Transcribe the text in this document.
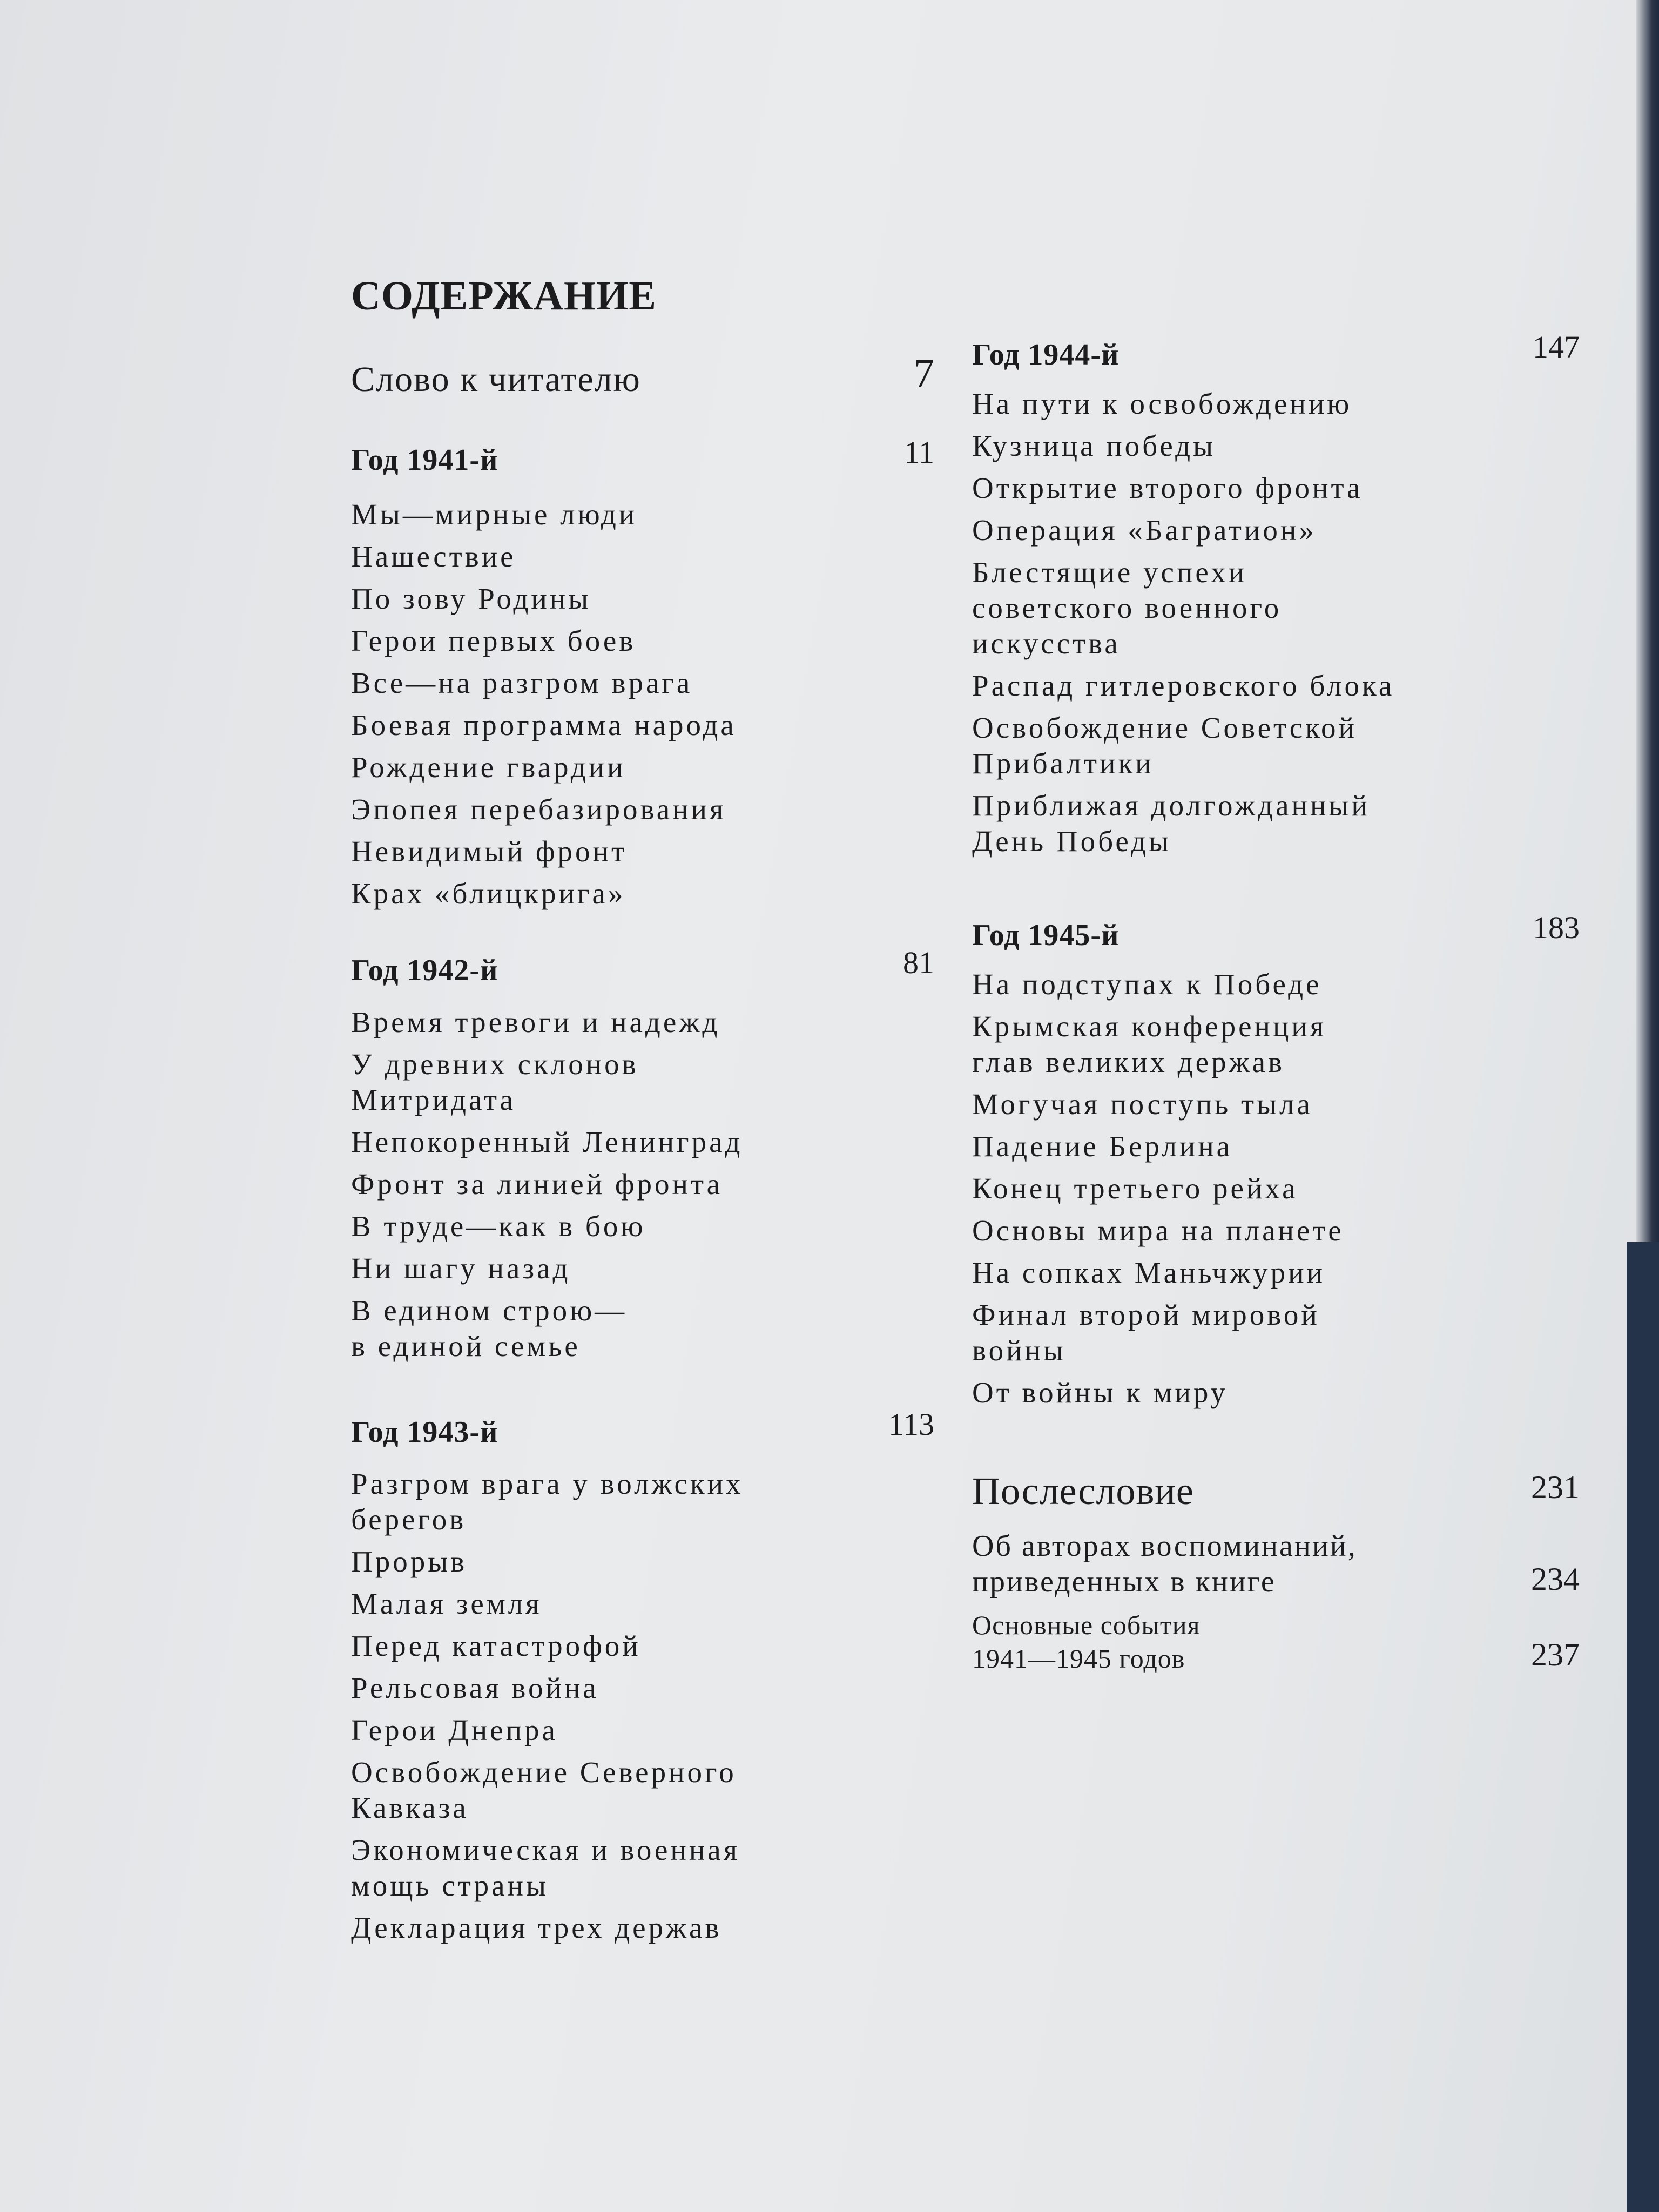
СОДЕРЖАНИЕ
Слово к читателю	7
Год 1941-й	11
Мы—мирные люди
Нашествие
По зову Родины
Герои первых боев
Все—на разгром врага
Боевая программа народа
Рождение гвардии
Эпопея перебазирования
Невидимый фронт
Крах «блицкрига»
Год 1942-й	81
Время тревоги и надежд
У древних склонов
Митридата
Непокоренный Ленинград
Фронт за линией фронта
В труде—как в бою
Ни шагу назад
В едином строю—
в единой семье
Год 1943-й	113
Разгром врага у волжских
берегов
Прорыв
Малая земля
Перед катастрофой
Рельсовая война
Герои Днепра
Освобождение Северного
Кавказа
Экономическая и военная
мощь страны
Декларация трех держав
Год 1944-й	147
На пути к освобождению
Кузница победы
Открытие второго фронта
Операция «Багратион»
Блестящие успехи
советского военного
искусства
Распад гитлеровского блока
Освобождение Советской
Прибалтики
Приближая долгожданный
День Победы
Год 1945-й	183
На подступах к Победе
Крымская конференция
глав великих держав
Могучая поступь тыла
Падение Берлина
Конец третьего рейха
Основы мира на планете
На сопках Маньчжурии
Финал второй мировой
войны
От войны к миру
Послесловие	231
Об авторах воспоминаний,
приведенных в книге	234
Основные события
1941—1945 годов	237
